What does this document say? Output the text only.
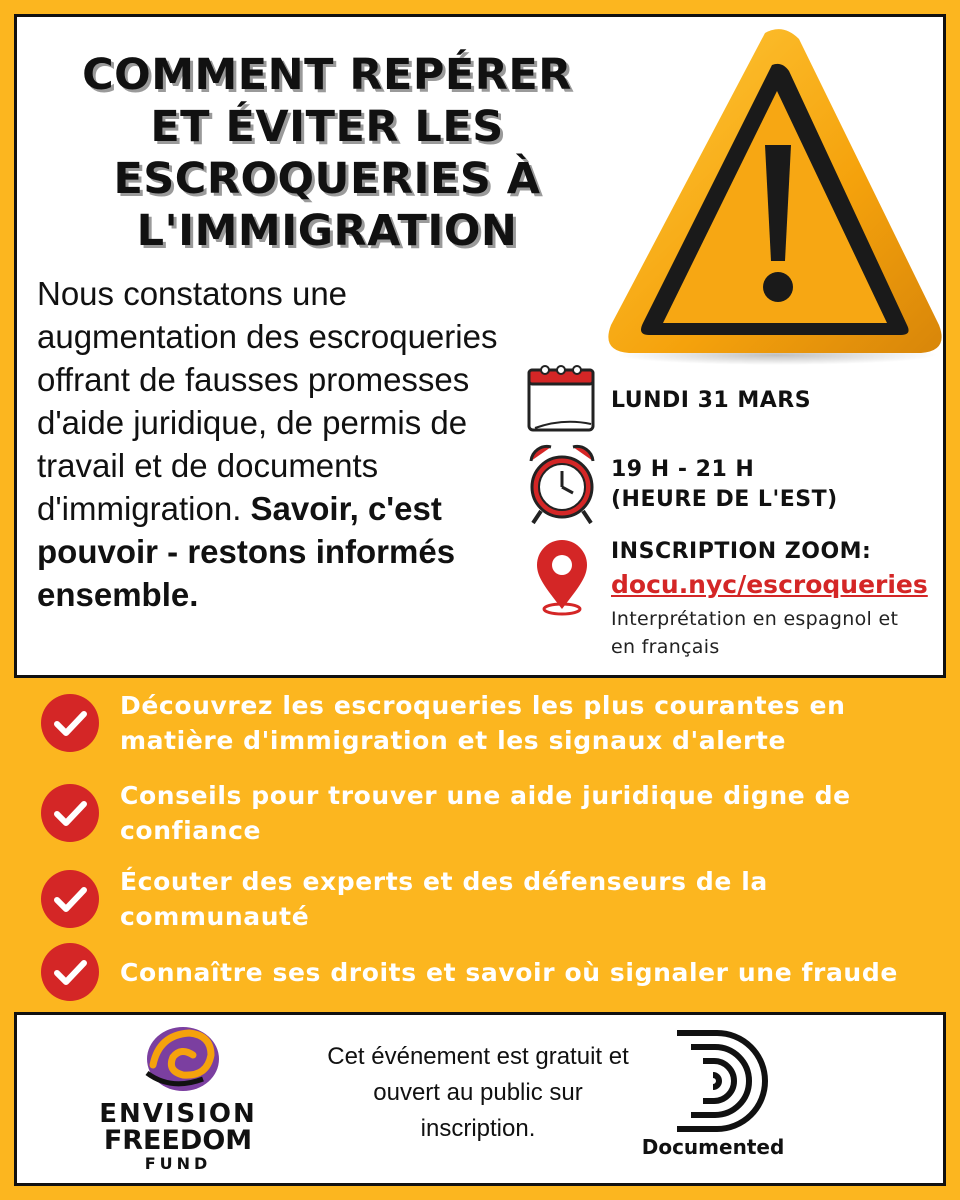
COMMENT REPÉRER
ET ÉVITER LES
ESCROQUERIES À
L'IMMIGRATION
Nous constatons une augmentation des escroqueries offrant de fausses promesses d'aide juridique, de permis de travail et de documents d'immigration. Savoir, c'est pouvoir - restons informés ensemble.
LUNDI 31 MARS
19 H - 21 H
(HEURE DE L'EST)
INSCRIPTION ZOOM:
docu.nyc/escroqueries
Interprétation en espagnol et en français
Découvrez les escroqueries les plus courantes en matière d'immigration et les signaux d'alerte
Conseils pour trouver une aide juridique digne de confiance
Écouter des experts et des défenseurs de la communauté
Connaître ses droits et savoir où signaler une fraude
ENVISION
FREEDOM
FUND
Cet événement est gratuit et ouvert au public sur inscription.
Documented
